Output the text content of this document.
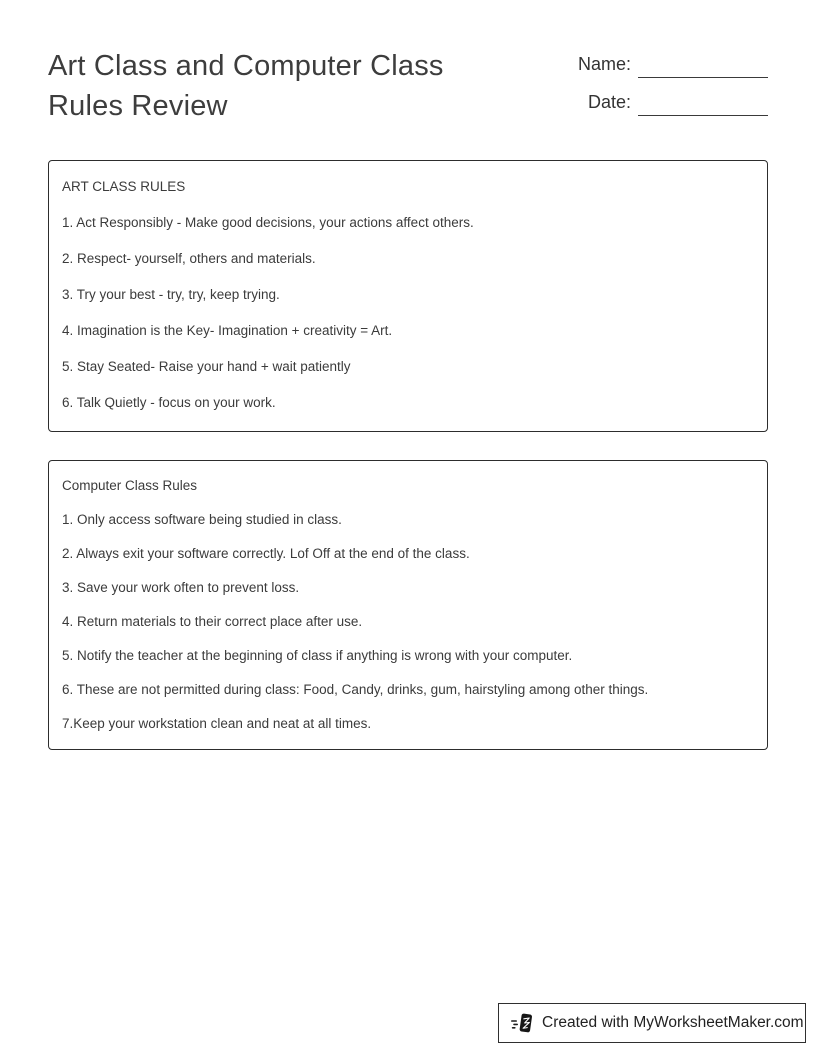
Art Class and Computer Class
Rules Review
Name:
Date:

ART CLASS RULES

1. Act Responsibly - Make good decisions, your actions affect others.

2. Respect- yourself, others and materials.

3. Try your best - try, try, keep trying.

4. Imagination is the Key- Imagination + creativity = Art.

5. Stay Seated- Raise your hand + wait patiently

6. Talk Quietly - focus on your work.

Computer Class Rules

1. Only access software being studied in class.

2. Always exit your software correctly. Lof Off at the end of the class.

3. Save your work often to prevent loss.

4. Return materials to their correct place after use.

5. Notify the teacher at the beginning of class if anything is wrong with your computer.

6. These are not permitted during class: Food, Candy, drinks, gum, hairstyling among other things.

7.Keep your workstation clean and neat at all times.

Created with MyWorksheetMaker.com
